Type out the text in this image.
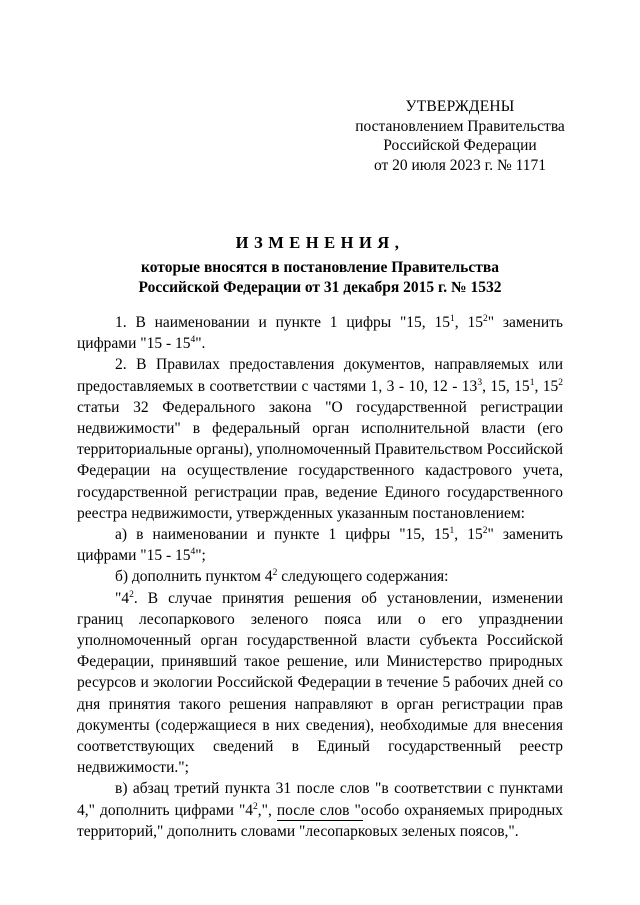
УТВЕРЖДЕНЫ
постановлением Правительства
Российской Федерации
от 20 июля 2023 г. № 1171
ИЗМЕНЕНИЯ,
которые вносятся в постановление Правительства
Российской Федерации от 31 декабря 2015 г. № 1532

1. В наименовании и пункте 1 цифры "15, $15^1$, $15^2$" заменить цифрами "$15 - 15^4$".

2. В Правилах предоставления документов, направляемых или предоставляемых в соответствии с частями 1, 3 - 10, $12 - 13^3$, 15, $15^1$, $15^2$ статьи 32 Федерального закона "О государственной регистрации недвижимости" в федеральный орган исполнительной власти (его территориальные органы), уполномоченный Правительством Российской Федерации на осуществление государственного кадастрового учета, государственной регистрации прав, ведение Единого государственного реестра недвижимости, утвержденных указанным постановлением:

а) в наименовании и пункте 1 цифры "15, $15^1$, $15^2$" заменить цифрами "$15 - 15^4$";

б) дополнить пунктом $4^2$ следующего содержания:

"$4^2$. В случае принятия решения об установлении, изменении границ лесопаркового зеленого пояса или о его упразднении уполномоченный орган государственной власти субъекта Российской Федерации, принявший такое решение, или Министерство природных ресурсов и экологии Российской Федерации в течение 5 рабочих дней со дня принятия такого решения направляют в орган регистрации прав документы (содержащиеся в них сведения), необходимые для внесения соответствующих сведений в Единый государственный реестр недвижимости.";

в) абзац третий пункта 31 после слов "в соответствии с пунктами 4," дополнить цифрами "$4^2$,", после слов "особо охраняемых природных территорий," дополнить словами "лесопарковых зеленых поясов,".
